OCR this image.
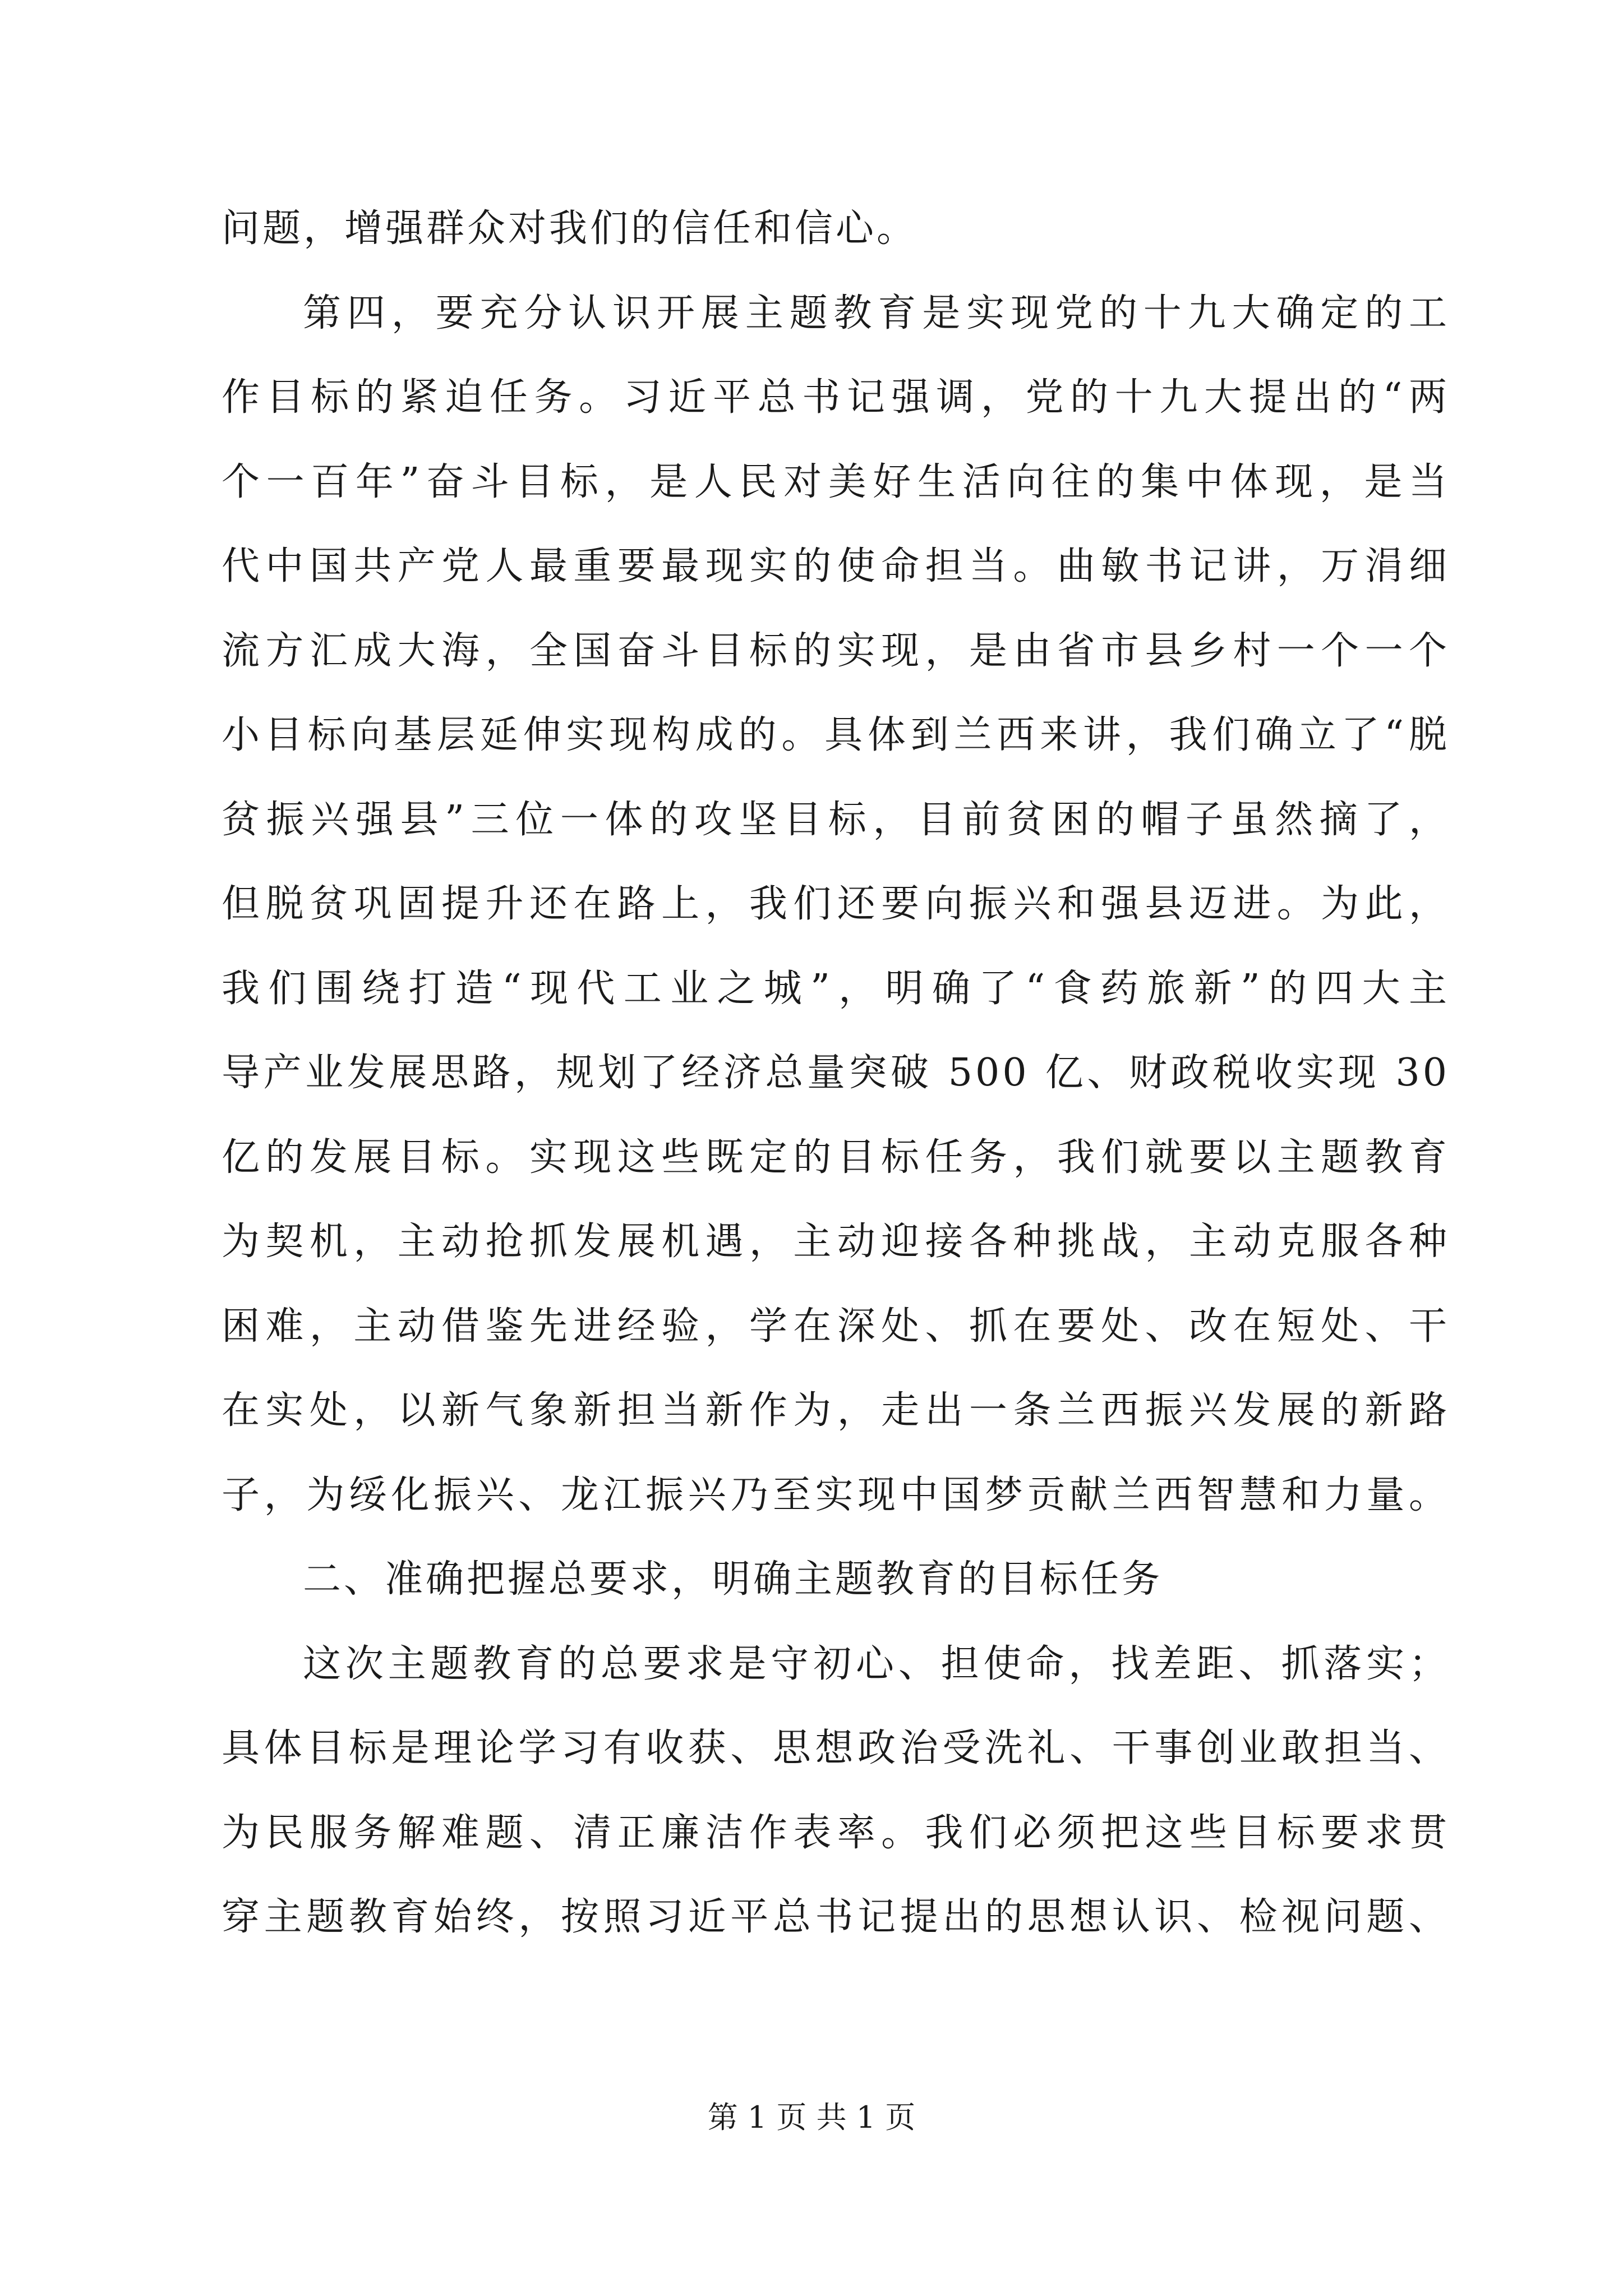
问题，增强群众对我们的信任和信心。
第四，要充分认识开展主题教育是实现党的十九大确定的工
作目标的紧迫任务。习近平总书记强调，党的十九大提出的“两
个一百年”奋斗目标，是人民对美好生活向往的集中体现，是当
代中国共产党人最重要最现实的使命担当。曲敏书记讲，万涓细
流方汇成大海，全国奋斗目标的实现，是由省市县乡村一个一个
小目标向基层延伸实现构成的。具体到兰西来讲，我们确立了“脱
贫振兴强县”三位一体的攻坚目标，目前贫困的帽子虽然摘了，
但脱贫巩固提升还在路上，我们还要向振兴和强县迈进。为此，
我们围绕打造“现代工业之城”，明确了“食药旅新”的四大主
导产业发展思路，规划了经济总量突破 500 亿、财政税收实现 30
亿的发展目标。实现这些既定的目标任务，我们就要以主题教育
为契机，主动抢抓发展机遇，主动迎接各种挑战，主动克服各种
困难，主动借鉴先进经验，学在深处、抓在要处、改在短处、干
在实处，以新气象新担当新作为，走出一条兰西振兴发展的新路
子，为绥化振兴、龙江振兴乃至实现中国梦贡献兰西智慧和力量。
二、准确把握总要求，明确主题教育的目标任务
这次主题教育的总要求是守初心、担使命，找差距、抓落实；
具体目标是理论学习有收获、思想政治受洗礼、干事创业敢担当、
为民服务解难题、清正廉洁作表率。我们必须把这些目标要求贯
穿主题教育始终，按照习近平总书记提出的思想认识、检视问题、
第 1 页 共 1 页
